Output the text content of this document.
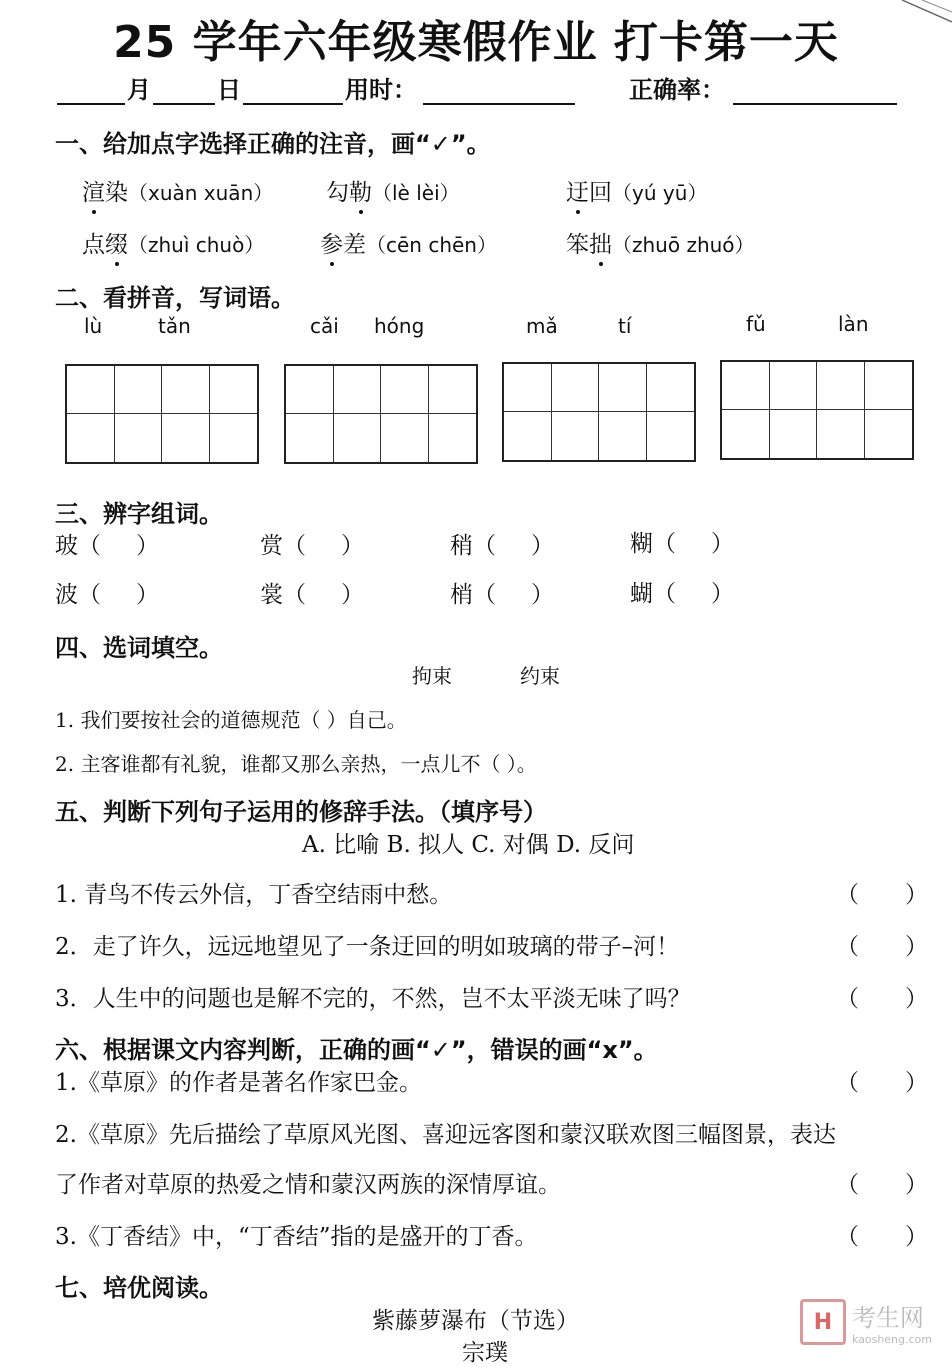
25 学年六年级寒假作业 打卡第一天
月	日	用时：	正确率：
一、给加点字选择正确的注音，画“✓”。
渲染（xuàn xuān） 勾勒（lè lèi）	迂回（yú yū）
点缀（zhuì chuò） 参差（cēn chēn）	笨拙（zhuō zhuó）
二、看拼音，写词语。
lù	tǎn	cǎi hóng	mǎ	tí	fǔ	làn
三、辨字组词。
玻（　）	赏（　）	稍（　）	糊（　）
波（　）	裳（　）	梢（　）	蝴（　）
四、选词填空。
拘束	约束
1. 我们要按社会的道德规范（ ）自己。
2. 主客谁都有礼貌，谁都又那么亲热，一点儿不（ ）。
五、判断下列句子运用的修辞手法。（填序号）
A. 比喻 B. 拟人 C. 对偶 D. 反问
1. 青鸟不传云外信，丁香空结雨中愁。	（　　）
2．走了许久，远远地望见了一条迂回的明如玻璃的带子–河！	（　　）
3．人生中的问题也是解不完的，不然，岂不太平淡无味了吗？	（　　）
六、根据课文内容判断，正确的画“✓”，错误的画“x”。
1.《草原》的作者是著名作家巴金。	（　　）
2.《草原》先后描绘了草原风光图、喜迎远客图和蒙汉联欢图三幅图景，表达
了作者对草原的热爱之情和蒙汉两族的深情厚谊。	（　　）
3.《丁香结》中，“丁香结”指的是盛开的丁香。	（　　）
七、培优阅读。
紫藤萝瀑布（节选）
宗璞
H 考生网
kaosheng.com
